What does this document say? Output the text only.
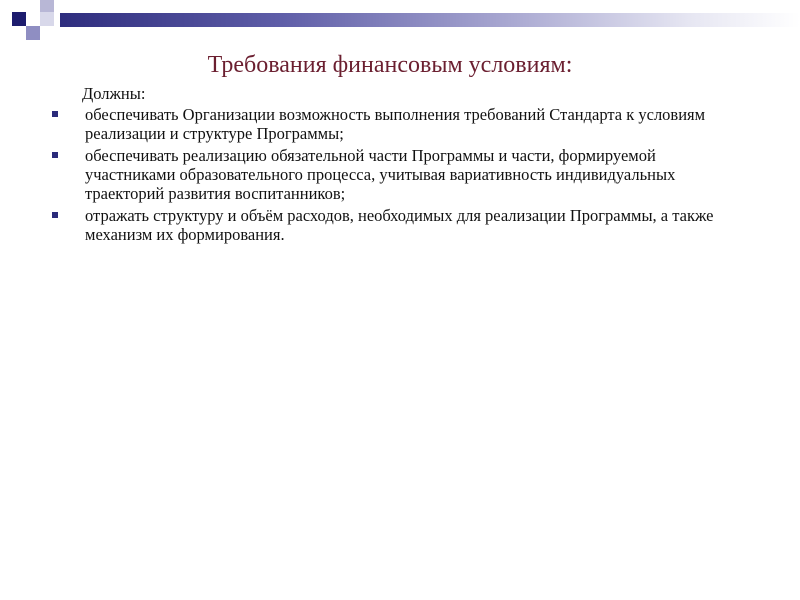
Требования финансовым условиям:

Должны:

обеспечивать Организации возможность выполнения требований Стандарта к условиям реализации и структуре Программы;
обеспечивать реализацию обязательной части Программы и части, формируемой участниками образовательного процесса, учитывая вариативность индивидуальных траекторий развития воспитанников;
отражать структуру и объём расходов, необходимых для реализации Программы, а также механизм их формирования.
